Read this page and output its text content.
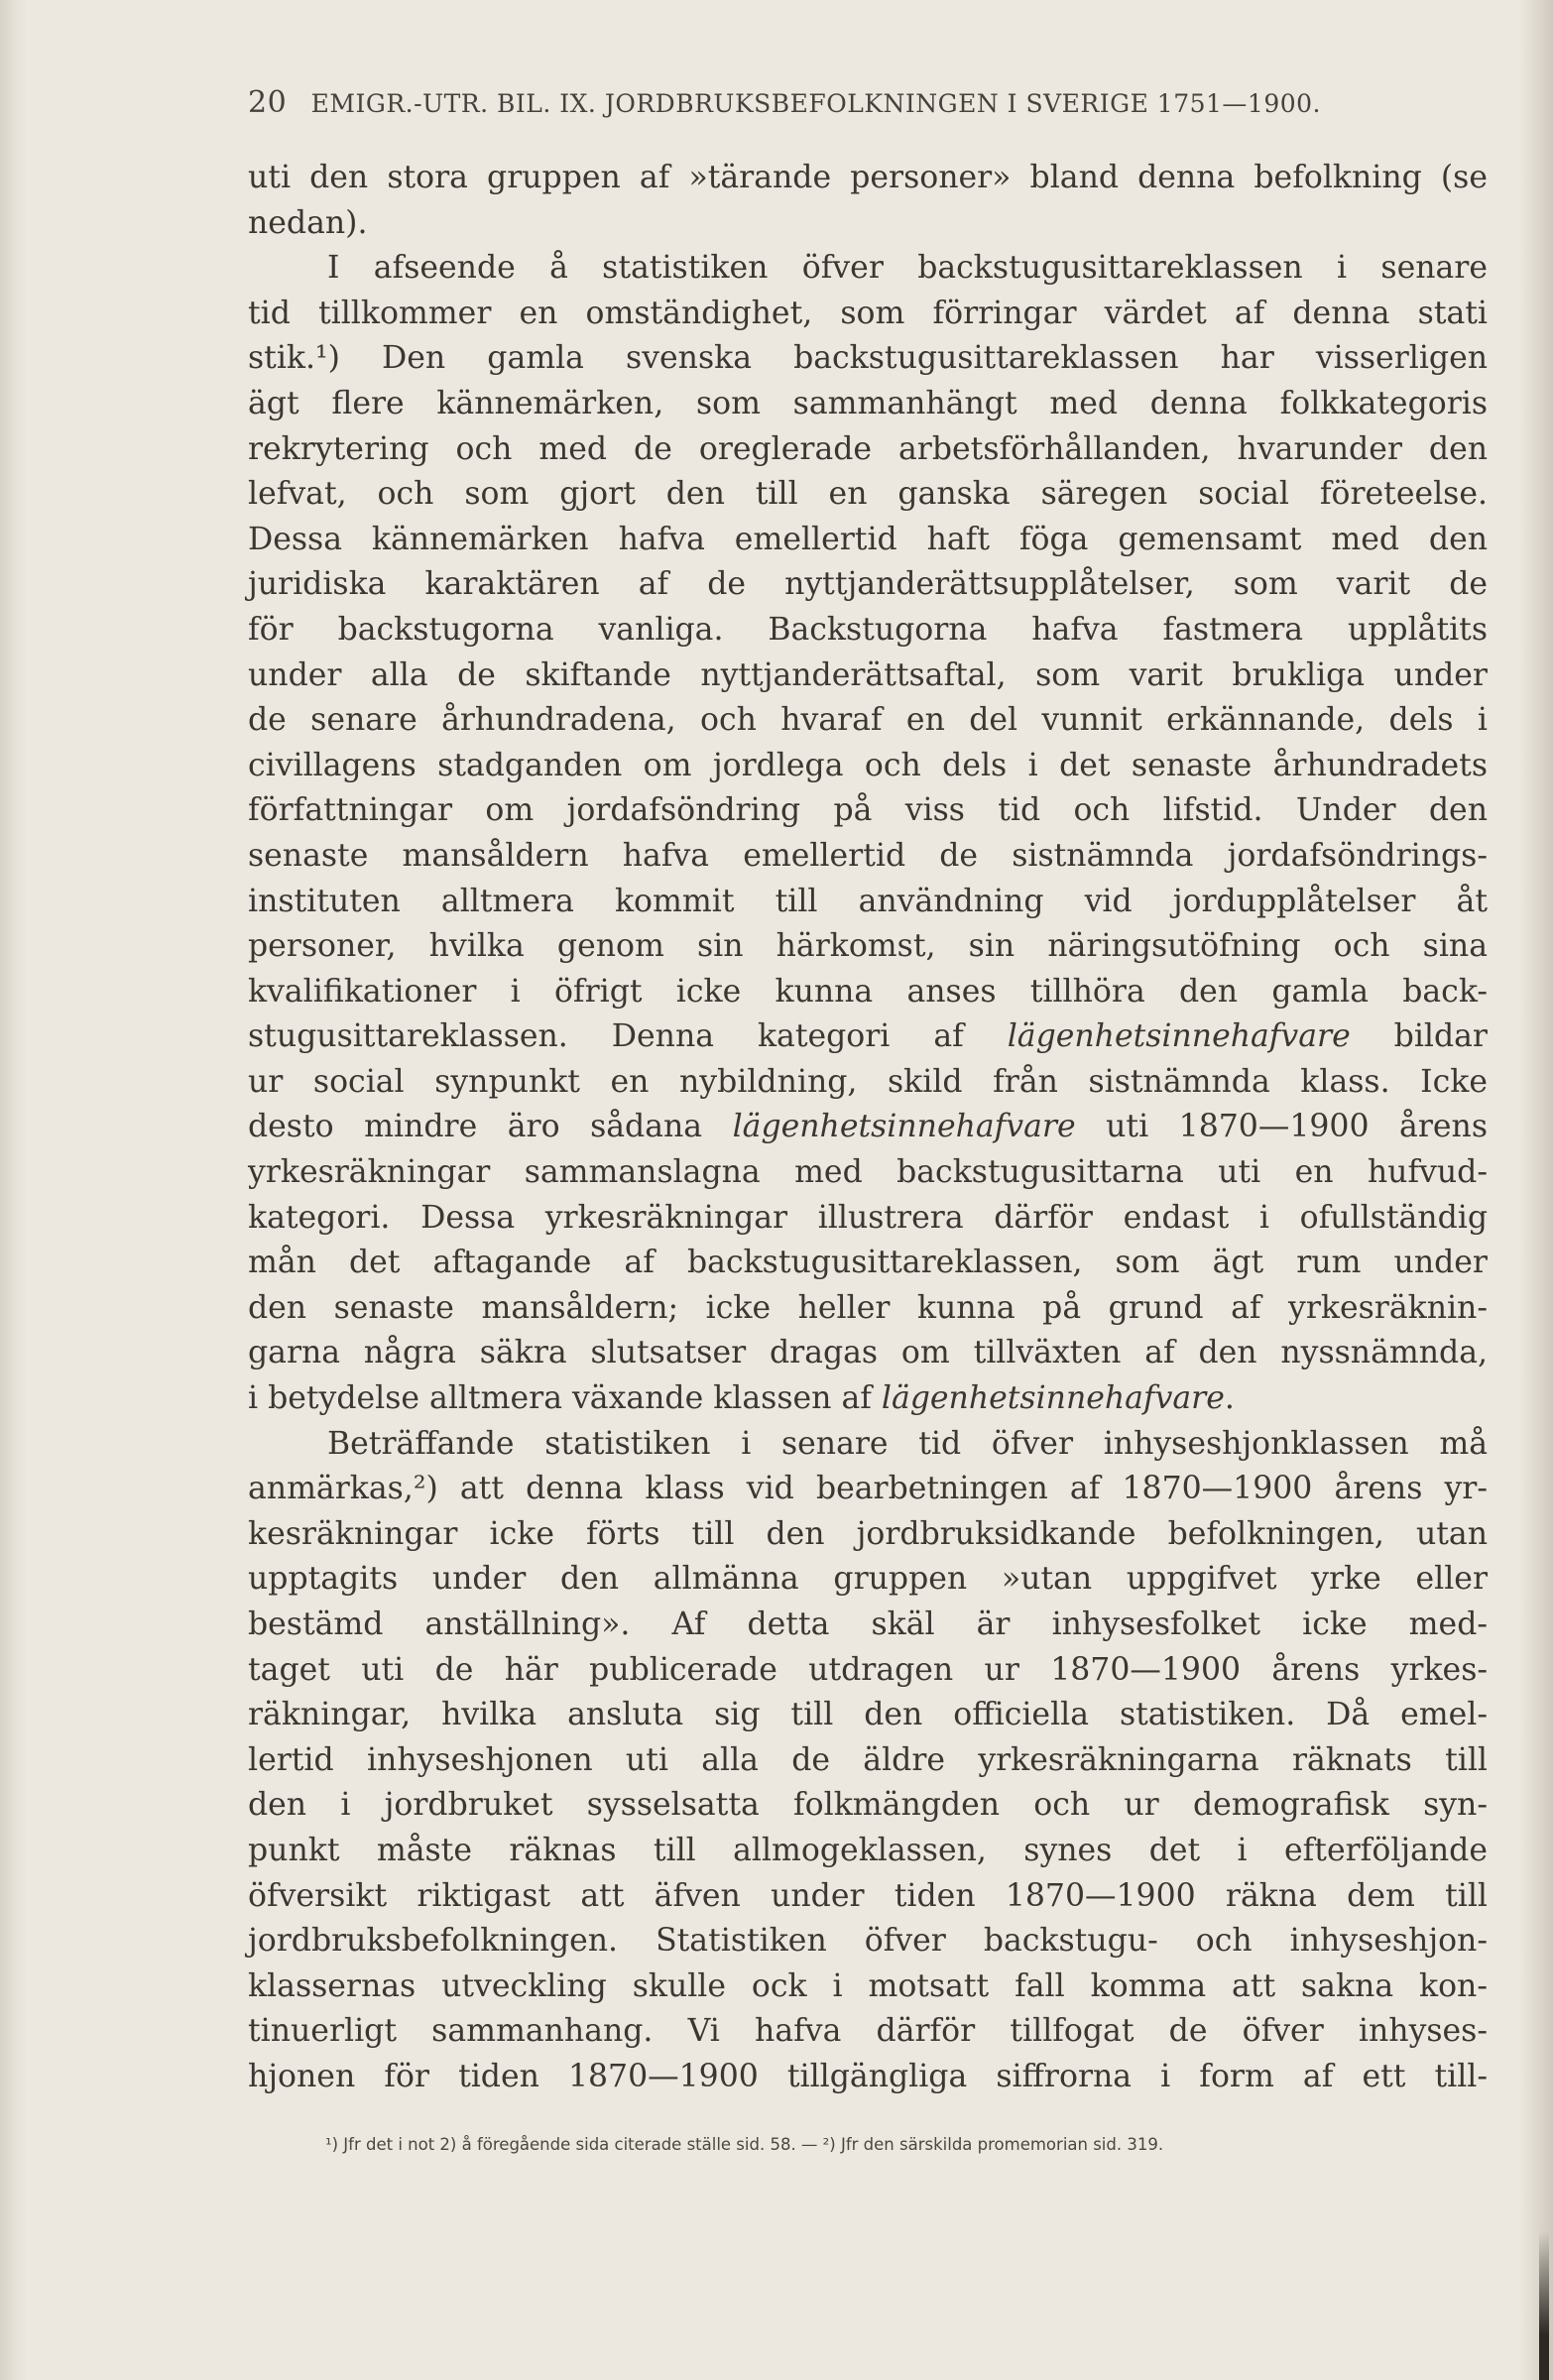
20 EMIGR.-UTR. BIL. IX. JORDBRUKSBEFOLKNINGEN I SVERIGE 1751—1900.
uti den stora gruppen af »tärande personer» bland denna befolkning (se
nedan).
I afseende å statistiken öfver backstugusittareklassen i senare
tid tillkommer en omständighet, som förringar värdet af denna stati
stik.¹) Den gamla svenska backstugusittareklassen har visserligen
ägt flere kännemärken, som sammanhängt med denna folkkategoris
rekrytering och med de oreglerade arbetsförhållanden, hvarunder den
lefvat, och som gjort den till en ganska säregen social företeelse.
Dessa kännemärken hafva emellertid haft föga gemensamt med den
juridiska karaktären af de nyttjanderättsupplåtelser, som varit de
för backstugorna vanliga. Backstugorna hafva fastmera upplåtits
under alla de skiftande nyttjanderättsaftal, som varit brukliga under
de senare århundradena, och hvaraf en del vunnit erkännande, dels i
civillagens stadganden om jordlega och dels i det senaste århundradets
författningar om jordafsöndring på viss tid och lifstid. Under den
senaste mansåldern hafva emellertid de sistnämnda jordafsöndrings-
instituten alltmera kommit till användning vid jordupplåtelser åt
personer, hvilka genom sin härkomst, sin näringsutöfning och sina
kvalifikationer i öfrigt icke kunna anses tillhöra den gamla back-
stugusittareklassen. Denna kategori af lägenhetsinnehafvare bildar
ur social synpunkt en nybildning, skild från sistnämnda klass. Icke
desto mindre äro sådana lägenhetsinnehafvare uti 1870—1900 årens
yrkesräkningar sammanslagna med backstugusittarna uti en hufvud-
kategori. Dessa yrkesräkningar illustrera därför endast i ofullständig
mån det aftagande af backstugusittareklassen, som ägt rum under
den senaste mansåldern; icke heller kunna på grund af yrkesräknin-
garna några säkra slutsatser dragas om tillväxten af den nyssnämnda,
i betydelse alltmera växande klassen af lägenhetsinnehafvare.
Beträffande statistiken i senare tid öfver inhyseshjonklassen må
anmärkas,²) att denna klass vid bearbetningen af 1870—1900 årens yr-
kesräkningar icke förts till den jordbruksidkande befolkningen, utan
upptagits under den allmänna gruppen »utan uppgifvet yrke eller
bestämd anställning». Af detta skäl är inhysesfolket icke med-
taget uti de här publicerade utdragen ur 1870—1900 årens yrkes-
räkningar, hvilka ansluta sig till den officiella statistiken. Då emel-
lertid inhyseshjonen uti alla de äldre yrkesräkningarna räknats till
den i jordbruket sysselsatta folkmängden och ur demografisk syn-
punkt måste räknas till allmogeklassen, synes det i efterföljande
öfversikt riktigast att äfven under tiden 1870—1900 räkna dem till
jordbruksbefolkningen. Statistiken öfver backstugu- och inhyseshjon-
klassernas utveckling skulle ock i motsatt fall komma att sakna kon-
tinuerligt sammanhang. Vi hafva därför tillfogat de öfver inhyses-
hjonen för tiden 1870—1900 tillgängliga siffrorna i form af ett till-
¹) Jfr det i not 2) å föregående sida citerade ställe sid. 58. — ²) Jfr den särskilda promemorian sid. 319.
